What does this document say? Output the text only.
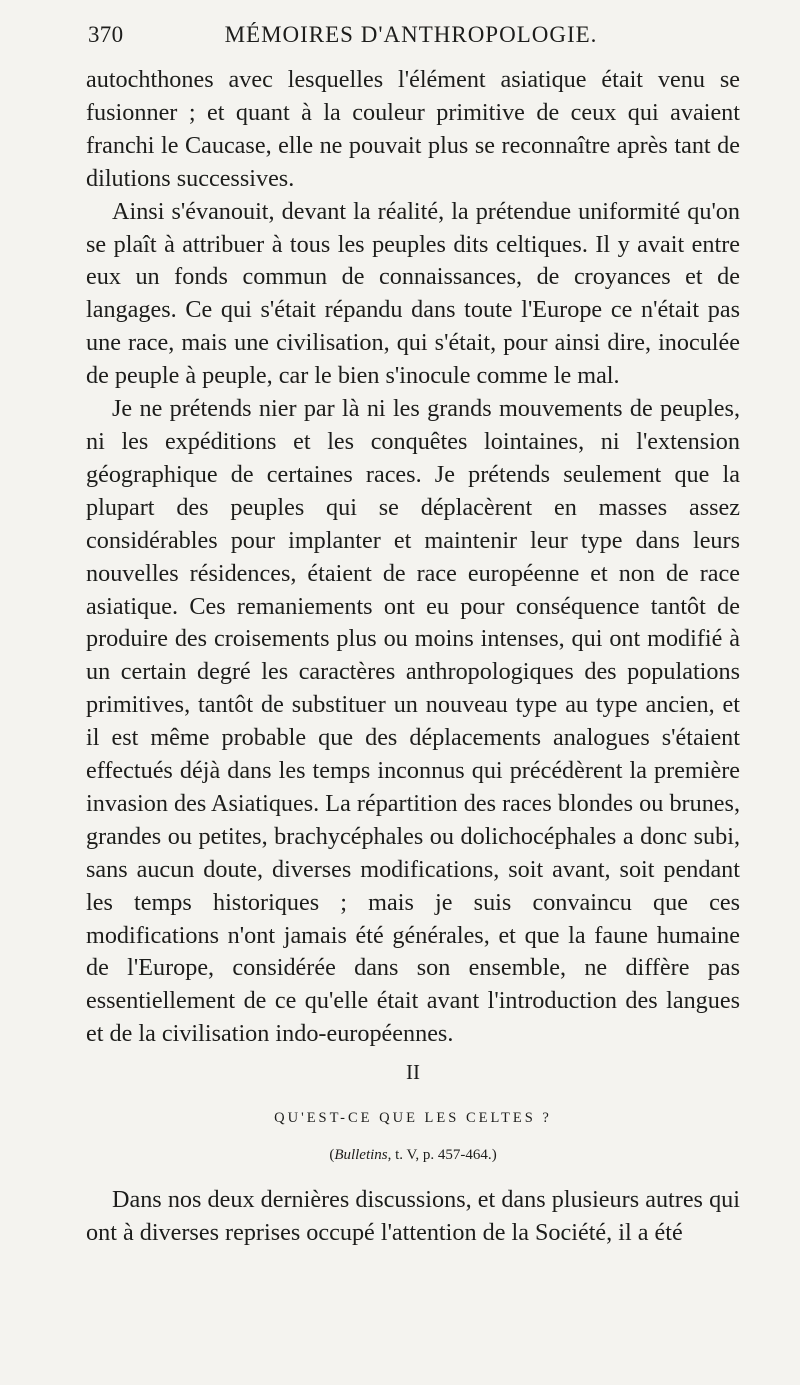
370	MÉMOIRES D'ANTHROPOLOGIE.

autochthones avec lesquelles l'élément asiatique était venu se fusionner ; et quant à la couleur primitive de ceux qui avaient franchi le Caucase, elle ne pouvait plus se reconnaître après tant de dilutions successives.

Ainsi s'évanouit, devant la réalité, la prétendue uniformité qu'on se plaît à attribuer à tous les peuples dits celtiques. Il y avait entre eux un fonds commun de connaissances, de croyances et de langages. Ce qui s'était répandu dans toute l'Europe ce n'était pas une race, mais une civilisation, qui s'était, pour ainsi dire, inoculée de peuple à peuple, car le bien s'inocule comme le mal.

Je ne prétends nier par là ni les grands mouvements de peuples, ni les expéditions et les conquêtes lointaines, ni l'extension géographique de certaines races. Je prétends seulement que la plupart des peuples qui se déplacèrent en masses assez considérables pour implanter et maintenir leur type dans leurs nouvelles résidences, étaient de race européenne et non de race asiatique. Ces remaniements ont eu pour conséquence tantôt de produire des croisements plus ou moins intenses, qui ont modifié à un certain degré les caractères anthropologiques des populations primitives, tantôt de substituer un nouveau type au type ancien, et il est même probable que des déplacements analogues s'étaient effectués déjà dans les temps inconnus qui précédèrent la première invasion des Asiatiques. La répartition des races blondes ou brunes, grandes ou petites, brachycéphales ou dolichocéphales a donc subi, sans aucun doute, diverses modifications, soit avant, soit pendant les temps historiques ; mais je suis convaincu que ces modifications n'ont jamais été générales, et que la faune humaine de l'Europe, considérée dans son ensemble, ne diffère pas essentiellement de ce qu'elle était avant l'introduction des langues et de la civilisation indo-européennes.

II
QU'EST-CE QUE LES CELTES ?
(Bulletins, t. V, p. 457-464.)

Dans nos deux dernières discussions, et dans plusieurs autres qui ont à diverses reprises occupé l'attention de la Société, il a été
